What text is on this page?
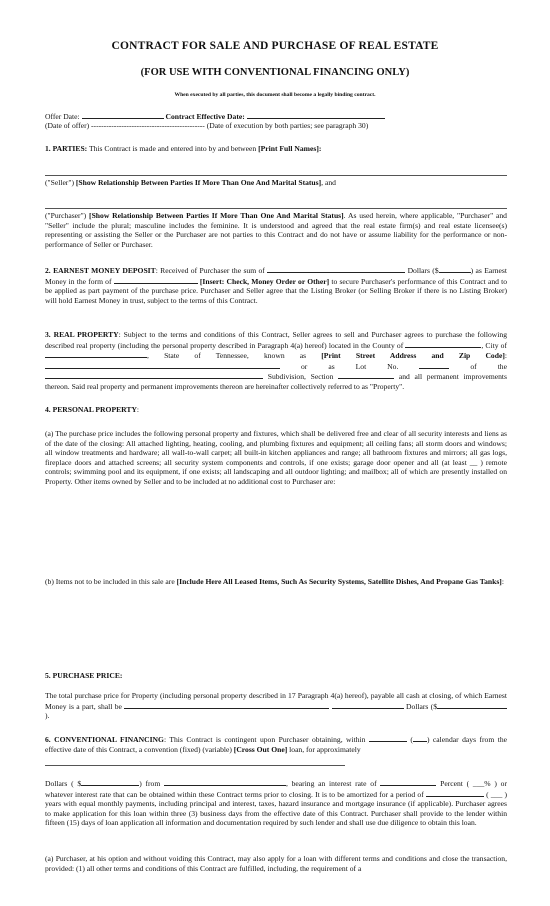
CONTRACT FOR SALE AND PURCHASE OF REAL ESTATE
(FOR USE WITH CONVENTIONAL FINANCING ONLY)
When executed by all parties, this document shall become a legally binding contract.
Offer Date:	Contract Effective Date:
(Date of offer) --------------------------------------------- (Date of execution by both parties; see paragraph 30)
1. PARTIES: This Contract is made and entered into by and between [Print Full Names]:
("Seller") [Show Relationship Between Parties If More Than One And Marital Status], and
("Purchaser") [Show Relationship Between Parties If More Than One And Marital Status]. As used herein, where applicable, "Purchaser" and "Seller" include the plural; masculine includes the feminine. It is understood and agreed that the real estate firm(s) and real estate licensee(s) representing or assisting the Seller or the Purchaser are not parties to this Contract and do not have or assume liability for the performance or non-performance of Seller or Purchaser.
2. EARNEST MONEY DEPOSIT: Received of Purchaser the sum of	Dollars ($	) as Earnest Money in the form of	[Insert: Check, Money Order or Other] to secure Purchaser's performance of this Contract and to be applied as part payment of the purchase price. Purchaser and Seller agree that the Listing Broker (or Selling Broker if there is no Listing Broker) will hold Earnest Money in trust, subject to the terms of this Contract.
3. REAL PROPERTY: Subject to the terms and conditions of this Contract, Seller agrees to sell and Purchaser agrees to purchase the following described real property (including the personal property described in Paragraph 4(a) hereof) located in the County of	, City of , State of Tennessee, known as [Print Street Address and Zip Code]:  or as Lot No.	of the  Subdivision, Section	and all permanent improvements thereon. Said real property and permanent improvements thereon are hereinafter collectively referred to as "Property".
4. PERSONAL PROPERTY:
(a) The purchase price includes the following personal property and fixtures, which shall be delivered free and clear of all security interests and liens as of the date of the closing: All attached lighting, heating, cooling, and plumbing fixtures and equipment; all ceiling fans; all storm doors and windows; all window treatments and hardware; all wall-to-wall carpet; all built-in kitchen appliances and range; all bathroom fixtures and mirrors; all gas logs, fireplace doors and attached screens; all security system components and controls, if one exists; garage door opener and all (at least __ ) remote controls; swimming pool and its equipment, if one exists; all landscaping and all outdoor lighting; and mailbox; all of which are presently installed on Property. Other items owned by Seller and to be included at no additional cost to Purchaser are:
(b) Items not to be included in this sale are [Include Here All Leased Items, Such As Security Systems, Satellite Dishes, And Propane Gas Tanks]:
5. PURCHASE PRICE:
The total purchase price for Property (including personal property described in 17 Paragraph 4(a) hereof), payable all cash at closing, of which Earnest Money is a part, shall be	Dollars ($).
6. CONVENTIONAL FINANCING: This Contract is contingent upon Purchaser obtaining, within	( ) calendar days from the effective date of this Contract, a convention (fixed) (variable) [Cross Out One] loan, for approximately
Dollars ( $	) from	, bearing an interest rate of	Percent ( ___% ) or whatever interest rate that can be obtained within these Contract terms prior to closing. It is to be amortized for a period of	( ___ ) years with equal monthly payments, including principal and interest, taxes, hazard insurance and mortgage insurance (if applicable). Purchaser agrees to make application for this loan within three (3) business days from the effective date of this Contract. Purchaser shall provide to the lender within fifteen (15) days of loan application all information and documentation required by such lender and shall use due diligence to obtain this loan.
(a) Purchaser, at his option and without voiding this Contract, may also apply for a loan with different terms and conditions and close the transaction, provided: (1) all other terms and conditions of this Contract are fulfilled, including, the requirement of a
